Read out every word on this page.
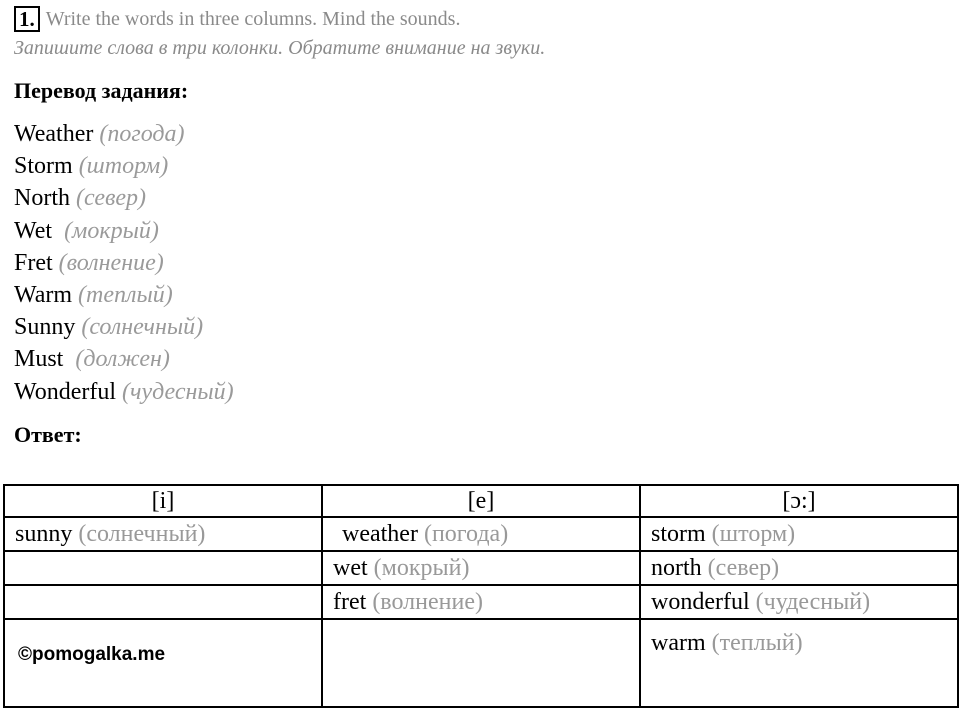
1. Write the words in three columns. Mind the sounds.
Запишите слова в три колонки. Обратите внимание на звуки.
Перевод задания:
Weather (погода)
Storm (шторм)
North (север)
Wet (мокрый)
Fret (волнение)
Warm (теплый)
Sunny (солнечный)
Must (должен)
Wonderful (чудесный)
Ответ:
[i]	[e]	[ɔ:]
sunny (солнечный)	weather (погода)	storm (шторм)
	wet (мокрый)	north (север)
	fret (волнение)	wonderful (чудесный)
©pomogalka.me		warm (теплый)
